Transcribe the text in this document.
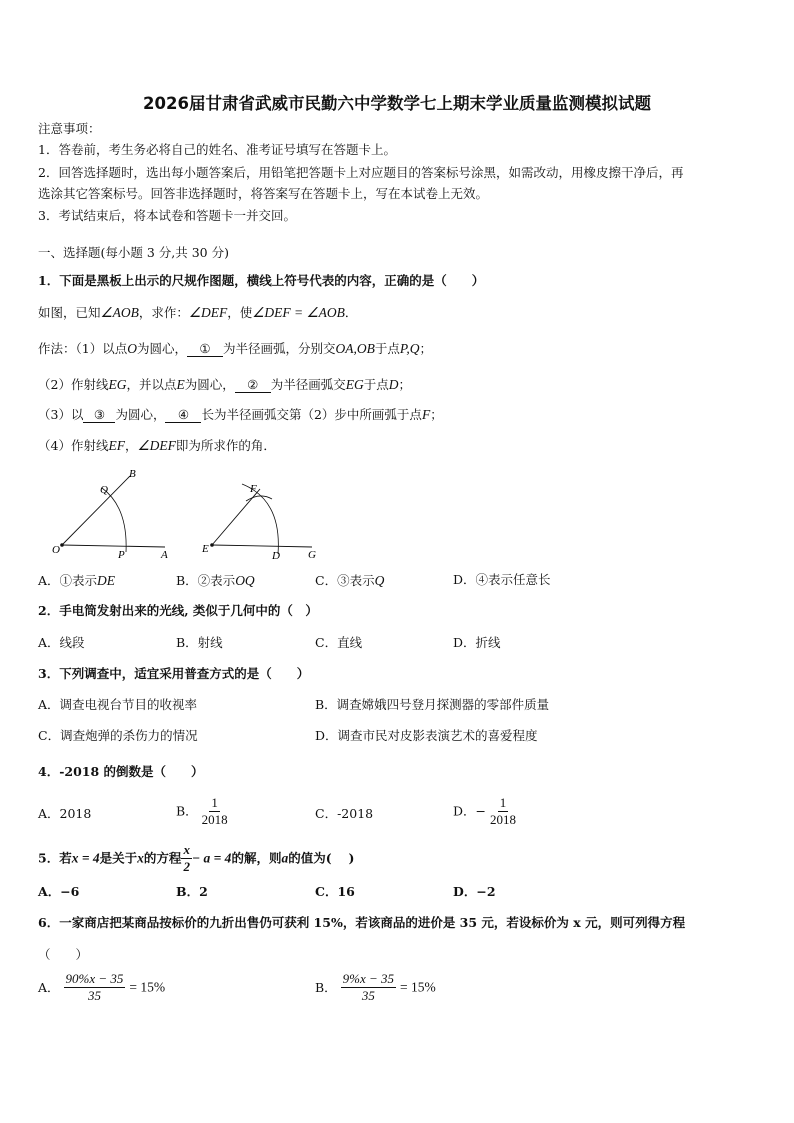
2026届甘肃省武威市民勤六中学数学七上期末学业质量监测模拟试题
注意事项：
1．答卷前，考生务必将自己的姓名、准考证号填写在答题卡上。
2．回答选择题时，选出每小题答案后，用铅笔把答题卡上对应题目的答案标号涂黑，如需改动，用橡皮擦干净后，再
选涂其它答案标号。回答非选择题时，将答案写在答题卡上，写在本试卷上无效。
3．考试结束后，将本试卷和答题卡一并交回。
一、选择题(每小题 3 分,共 30 分)
1．下面是黑板上出示的尺规作图题，横线上符号代表的内容，正确的是（　　）
如图，已知∠AOB，求作：∠DEF，使∠DEF = ∠AOB．
作法：（1）以点O为圆心， ① 为半径画弧，分别交OA,OB于点P,Q；
（2）作射线EG，并以点E为圆心， ② 为半径画弧交EG于点D；
（3）以 ③ 为圆心， ④ 长为半径画弧交第（2）步中所画弧于点F；
（4）作射线EF，∠DEF即为所求作的角．
O	P	A
Q
B
E
D	G
F
A．①表示DE	B．②表示OQ	C．③表示Q	D．④表示任意长
2．手电筒发射出来的光线, 类似于几何中的（　）
A．线段	B．射线	C．直线	D．折线
3．下列调查中，适宜采用普查方式的是（　　）
A．调查电视台节目的收视率	B．调查嫦娥四号登月探测器的零部件质量
C．调查炮弹的杀伤力的情况	D．调查市民对皮影表演艺术的喜爱程度
4．-2018 的倒数是（　　）
A．2018	B． $\frac{1}{2018}$	C．-2018	D．− $\frac{1}{2018}$
5．若x = 4是关于x的方程 $\frac{x}{2} - a = 4$的解，则a的值为(　 )
A．−6	B．2	C．16	D．−2
6．一家商店把某商品按标价的九折出售仍可获利 15%，若该商品的进价是 35 元，若设标价为 x 元，则可列得方程
（　　）
A． $\frac{90\%x - 35}{35} = 15\%$	B． $\frac{9\%x - 35}{35} = 15\%$
